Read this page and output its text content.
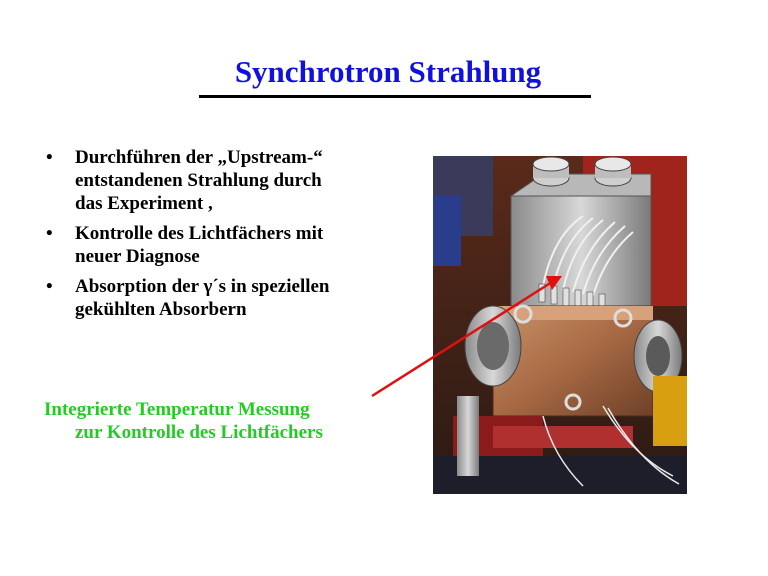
Synchrotron Strahlung
• Durchführen der „Upstream-“
entstandenen Strahlung durch
das Experiment ,
• Kontrolle des Lichtfächers mit
neuer Diagnose
• Absorption der γ´s in speziellen
gekühlten Absorbern
Integrierte Temperatur Messung
zur Kontrolle des Lichtfächers
